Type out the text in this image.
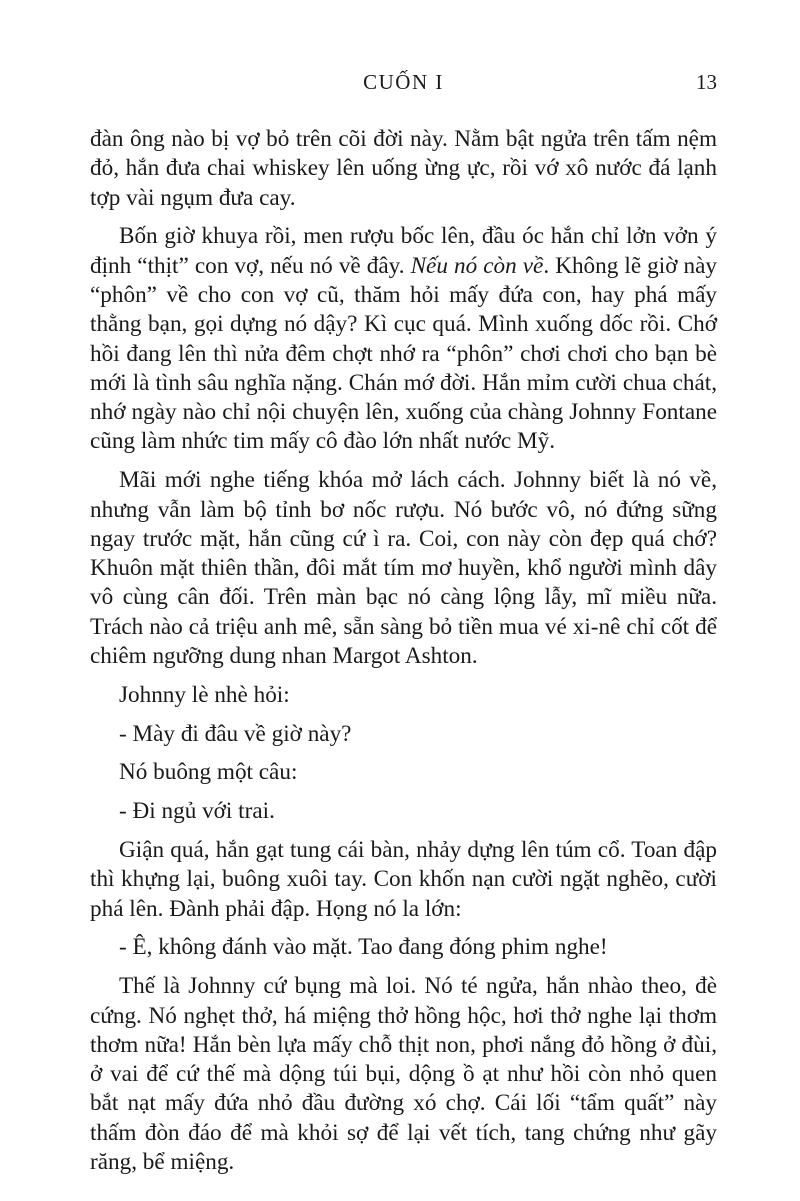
CUỐN I	13

đàn ông nào bị vợ bỏ trên cõi đời này. Nằm bật ngửa trên tấm nệm đỏ, hắn đưa chai whiskey lên uống ừng ực, rồi vớ xô nước đá lạnh tợp vài ngụm đưa cay.

Bốn giờ khuya rồi, men rượu bốc lên, đầu óc hắn chỉ lởn vởn ý định “thịt” con vợ, nếu nó về đây. Nếu nó còn về. Không lẽ giờ này “phôn” về cho con vợ cũ, thăm hỏi mấy đứa con, hay phá mấy thằng bạn, gọi dựng nó dậy? Kì cục quá. Mình xuống dốc rồi. Chớ hồi đang lên thì nửa đêm chợt nhớ ra “phôn” chơi chơi cho bạn bè mới là tình sâu nghĩa nặng. Chán mớ đời. Hắn mỉm cười chua chát, nhớ ngày nào chỉ nội chuyện lên, xuống của chàng Johnny Fontane cũng làm nhức tim mấy cô đào lớn nhất nước Mỹ.

Mãi mới nghe tiếng khóa mở lách cách. Johnny biết là nó về, nhưng vẫn làm bộ tỉnh bơ nốc rượu. Nó bước vô, nó đứng sững ngay trước mặt, hắn cũng cứ ì ra. Coi, con này còn đẹp quá chớ? Khuôn mặt thiên thần, đôi mắt tím mơ huyền, khổ người mình dây vô cùng cân đối. Trên màn bạc nó càng lộng lẫy, mĩ miều nữa. Trách nào cả triệu anh mê, sẵn sàng bỏ tiền mua vé xi-nê chỉ cốt để chiêm ngưỡng dung nhan Margot Ashton.

Johnny lè nhè hỏi:

- Mày đi đâu về giờ này?

Nó buông một câu:

- Đi ngủ với trai.

Giận quá, hắn gạt tung cái bàn, nhảy dựng lên túm cổ. Toan đập thì khựng lại, buông xuôi tay. Con khốn nạn cười ngặt nghẽo, cười phá lên. Đành phải đập. Họng nó la lớn:

- Ê, không đánh vào mặt. Tao đang đóng phim nghe!

Thế là Johnny cứ bụng mà loi. Nó té ngửa, hắn nhào theo, đè cứng. Nó nghẹt thở, há miệng thở hồng hộc, hơi thở nghe lại thơm thơm nữa! Hắn bèn lựa mấy chỗ thịt non, phơi nắng đỏ hồng ở đùi, ở vai để cứ thế mà dộng túi bụi, dộng ồ ạt như hồi còn nhỏ quen bắt nạt mấy đứa nhỏ đầu đường xó chợ. Cái lối “tẩm quất” này thấm đòn đáo để mà khỏi sợ để lại vết tích, tang chứng như gãy răng, bể miệng.
